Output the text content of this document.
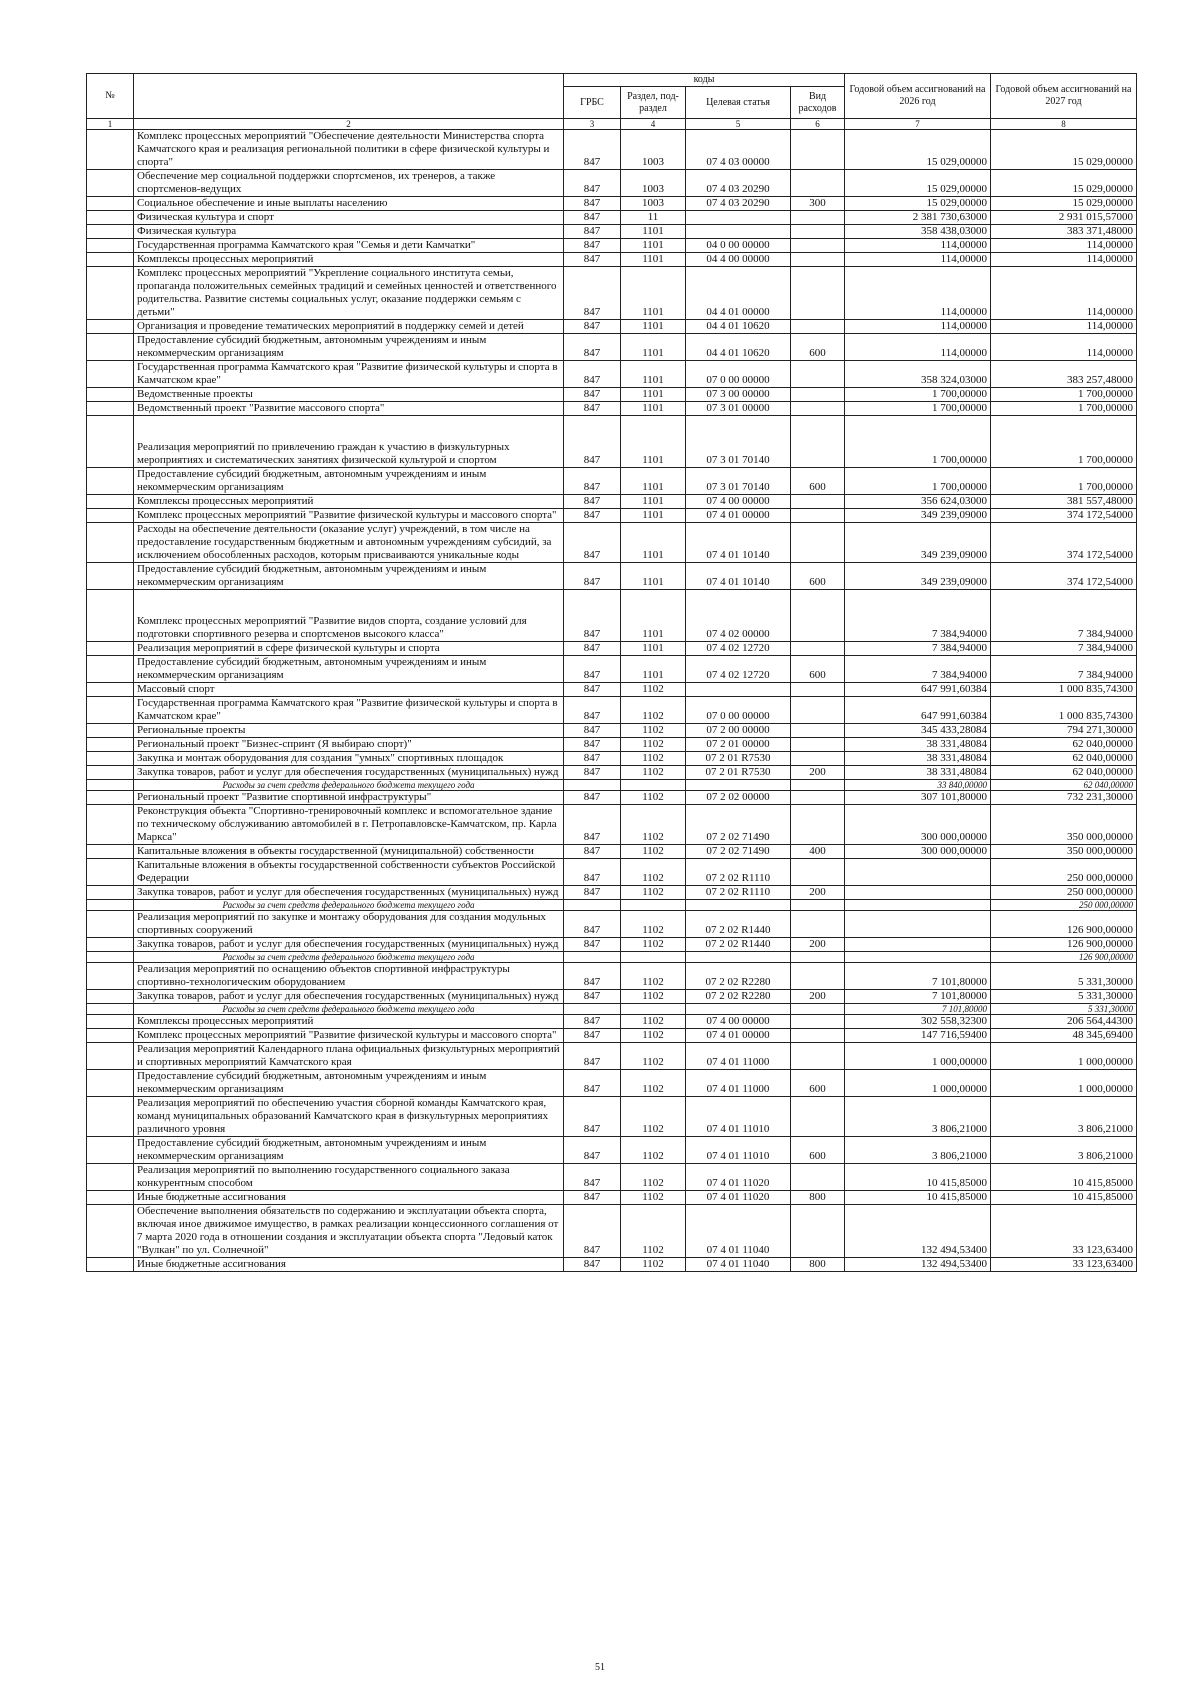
№		коды				Годовой объем ассигнований на 2026 год	Годовой объем ассигнований на 2027 год
		ГРБС	Раздел, под-раздел	Целевая статья	Вид расходов		
1	2	3	4	5	6	7	8
	Комплекс процессных мероприятий "Обеспечение деятельности Министерства спорта Камчатского края и реализация региональной политики в сфере физической культуры и спорта"	847	1003	07 4 03 00000		15 029,00000	15 029,00000
	Обеспечение мер социальной поддержки спортсменов, их тренеров, а также спортсменов-ведущих	847	1003	07 4 03 20290		15 029,00000	15 029,00000
	Социальное обеспечение и иные выплаты населению	847	1003	07 4 03 20290	300	15 029,00000	15 029,00000
	Физическая культура и спорт	847	11			2 381 730,63000	2 931 015,57000
	Физическая культура	847	1101			358 438,03000	383 371,48000
	Государственная программа Камчатского края "Семья и дети Камчатки"	847	1101	04 0 00 00000		114,00000	114,00000
	Комплексы процессных мероприятий	847	1101	04 4 00 00000		114,00000	114,00000
	Комплекс процессных мероприятий "Укрепление социального института семьи, пропаганда положительных семейных традиций и семейных ценностей и ответственного родительства. Развитие системы социальных услуг, оказание поддержки семьям с детьми"	847	1101	04 4 01 00000		114,00000	114,00000
	Организация и проведение тематических мероприятий в поддержку семей и детей	847	1101	04 4 01 10620		114,00000	114,00000
	Предоставление субсидий бюджетным, автономным учреждениям и иным некоммерческим организациям	847	1101	04 4 01 10620	600	114,00000	114,00000
	Государственная программа Камчатского края "Развитие физической культуры и спорта в Камчатском крае"	847	1101	07 0 00 00000		358 324,03000	383 257,48000
	Ведомственные проекты	847	1101	07 3 00 00000		1 700,00000	1 700,00000
	Ведомственный проект "Развитие массового спорта"	847	1101	07 3 01 00000		1 700,00000	1 700,00000
	Реализация мероприятий по привлечению граждан к участию в физкультурных мероприятиях и систематических занятиях физической культурой и спортом	847	1101	07 3 01 70140		1 700,00000	1 700,00000
	Предоставление субсидий бюджетным, автономным учреждениям и иным некоммерческим организациям	847	1101	07 3 01 70140	600	1 700,00000	1 700,00000
	Комплексы процессных мероприятий	847	1101	07 4 00 00000		356 624,03000	381 557,48000
	Комплекс процессных мероприятий "Развитие физической культуры и массового спорта"	847	1101	07 4 01 00000		349 239,09000	374 172,54000
	Расходы на обеспечение деятельности (оказание услуг) учреждений, в том числе на предоставление государственным бюджетным и автономным учреждениям субсидий, за исключением обособленных расходов, которым присваиваются уникальные коды	847	1101	07 4 01 10140		349 239,09000	374 172,54000
	Предоставление субсидий бюджетным, автономным учреждениям и иным некоммерческим организациям	847	1101	07 4 01 10140	600	349 239,09000	374 172,54000
	Комплекс процессных мероприятий "Развитие видов спорта, создание условий для подготовки спортивного резерва и спортсменов высокого класса"	847	1101	07 4 02 00000		7 384,94000	7 384,94000
	Реализация мероприятий в сфере физической культуры и спорта	847	1101	07 4 02 12720		7 384,94000	7 384,94000
	Предоставление субсидий бюджетным, автономным учреждениям и иным некоммерческим организациям	847	1101	07 4 02 12720	600	7 384,94000	7 384,94000
	Массовый спорт	847	1102			647 991,60384	1 000 835,74300
	Государственная программа Камчатского края "Развитие физической культуры и спорта в Камчатском крае"	847	1102	07 0 00 00000		647 991,60384	1 000 835,74300
	Региональные проекты	847	1102	07 2 00 00000		345 433,28084	794 271,30000
	Региональный проект "Бизнес-спринт (Я выбираю спорт)"	847	1102	07 2 01 00000		38 331,48084	62 040,00000
	Закупка и монтаж оборудования для создания "умных" спортивных площадок	847	1102	07 2 01 R7530		38 331,48084	62 040,00000
	Закупка товаров, работ и услуг для обеспечения государственных (муниципальных) нужд	847	1102	07 2 01 R7530	200	38 331,48084	62 040,00000
	Расходы за счет средств федерального бюджета текущего года					33 840,00000	62 040,00000
	Региональный проект "Развитие спортивной инфраструктуры"	847	1102	07 2 02 00000		307 101,80000	732 231,30000
	Реконструкция объекта "Спортивно-тренировочный комплекс и вспомогательное здание по техническому обслуживанию автомобилей в г. Петропавловске-Камчатском, пр. Карла Маркса"	847	1102	07 2 02 71490		300 000,00000	350 000,00000
	Капитальные вложения в объекты государственной (муниципальной) собственности	847	1102	07 2 02 71490	400	300 000,00000	350 000,00000
	Капитальные вложения в объекты государственной собственности субъектов Российской Федерации	847	1102	07 2 02 R1110			250 000,00000
	Закупка товаров, работ и услуг для обеспечения государственных (муниципальных) нужд	847	1102	07 2 02 R1110	200		250 000,00000
	Расходы за счет средств федерального бюджета текущего года						250 000,00000
	Реализация мероприятий по закупке и монтажу оборудования для создания модульных спортивных сооружений	847	1102	07 2 02 R1440			126 900,00000
	Закупка товаров, работ и услуг для обеспечения государственных (муниципальных) нужд	847	1102	07 2 02 R1440	200		126 900,00000
	Расходы за счет средств федерального бюджета текущего года						126 900,00000
	Реализация мероприятий по оснащению объектов спортивной инфраструктуры спортивно-технологическим оборудованием	847	1102	07 2 02 R2280		7 101,80000	5 331,30000
	Закупка товаров, работ и услуг для обеспечения государственных (муниципальных) нужд	847	1102	07 2 02 R2280	200	7 101,80000	5 331,30000
	Расходы за счет средств федерального бюджета текущего года					7 101,80000	5 331,30000
	Комплексы процессных мероприятий	847	1102	07 4 00 00000		302 558,32300	206 564,44300
	Комплекс процессных мероприятий "Развитие физической культуры и массового спорта"	847	1102	07 4 01 00000		147 716,59400	48 345,69400
	Реализация мероприятий Календарного плана официальных физкультурных мероприятий и спортивных мероприятий Камчатского края	847	1102	07 4 01 11000		1 000,00000	1 000,00000
	Предоставление субсидий бюджетным, автономным учреждениям и иным некоммерческим организациям	847	1102	07 4 01 11000	600	1 000,00000	1 000,00000
	Реализация мероприятий по обеспечению участия сборной команды Камчатского края, команд муниципальных образований Камчатского края в физкультурных мероприятиях различного уровня	847	1102	07 4 01 11010		3 806,21000	3 806,21000
	Предоставление субсидий бюджетным, автономным учреждениям и иным некоммерческим организациям	847	1102	07 4 01 11010	600	3 806,21000	3 806,21000
	Реализация мероприятий по выполнению государственного социального заказа конкурентным способом	847	1102	07 4 01 11020		10 415,85000	10 415,85000
	Иные бюджетные ассигнования	847	1102	07 4 01 11020	800	10 415,85000	10 415,85000
	Обеспечение выполнения обязательств по содержанию и эксплуатации объекта спорта, включая иное движимое имущество, в рамках реализации концессионного соглашения от 7 марта 2020 года в отношении создания и эксплуатации объекта спорта "Ледовый каток "Вулкан" по ул. Солнечной"	847	1102	07 4 01 11040		132 494,53400	33 123,63400
	Иные бюджетные ассигнования	847	1102	07 4 01 11040	800	132 494,53400	33 123,63400
51
